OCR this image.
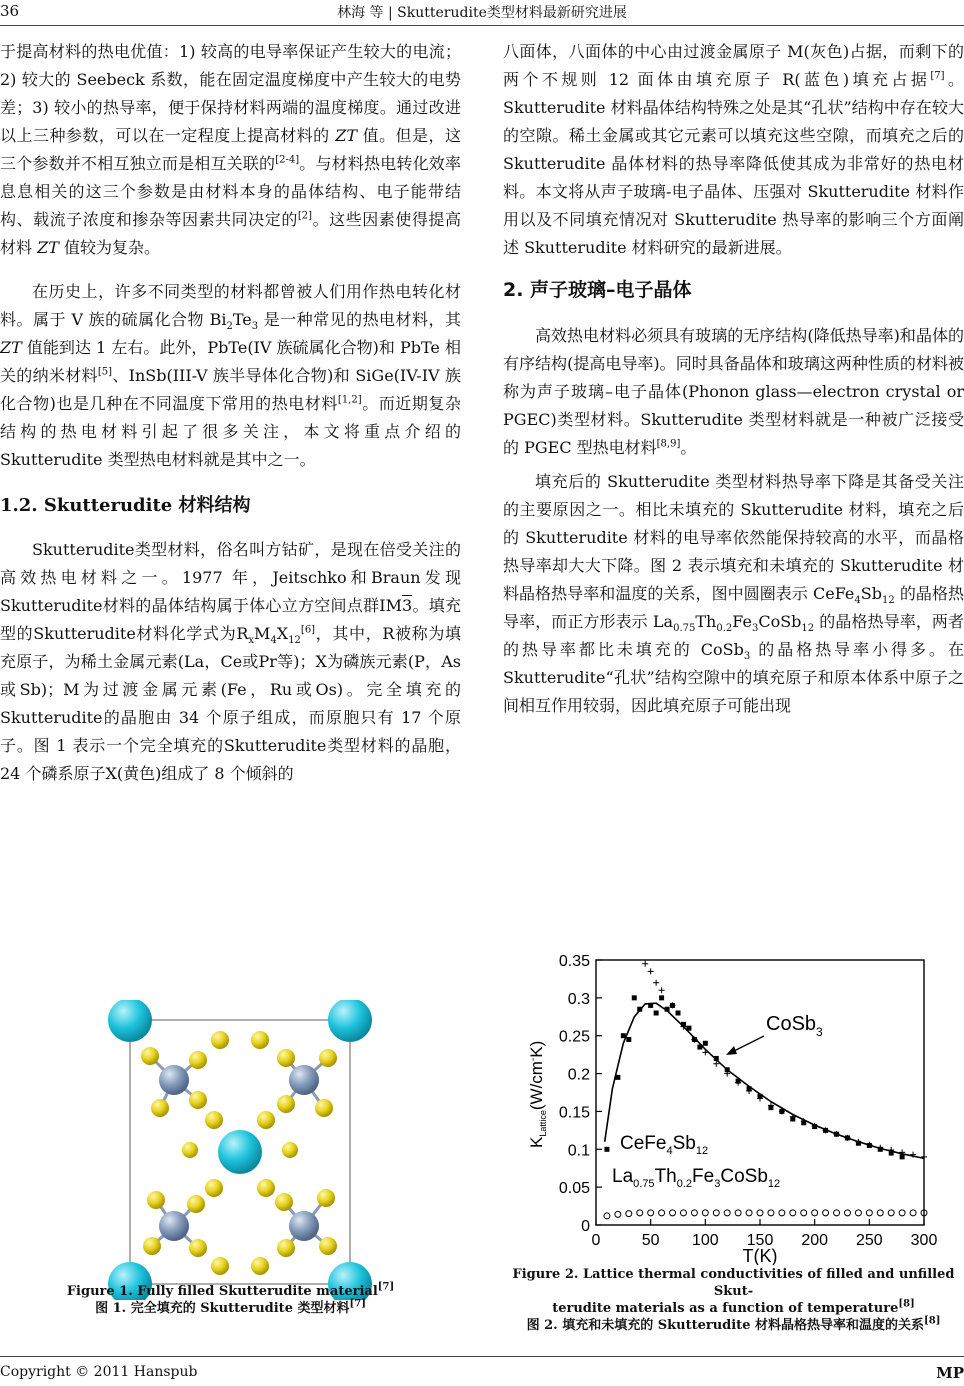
36	林海 等 | Skutterudite类型材料最新研究进展

于提高材料的热电优值：1) 较高的电导率保证产生较大的电流；2) 较大的 Seebeck 系数，能在固定温度梯度中产生较大的电势差；3) 较小的热导率，便于保持材料两端的温度梯度。通过改进以上三种参数，可以在一定程度上提高材料的 ZT 值。但是，这三个参数并不相互独立而是相互关联的[2-4]。与材料热电转化效率息息相关的这三个参数是由材料本身的晶体结构、电子能带结构、载流子浓度和掺杂等因素共同决定的[2]。这些因素使得提高材料 ZT 值较为复杂。

在历史上，许多不同类型的材料都曾被人们用作热电转化材料。属于 V 族的硫属化合物 $Bi_2Te_3$ 是一种常见的热电材料，其 ZT 值能到达 1 左右。此外，PbTe(IV 族硫属化合物)和 PbTe 相关的纳米材料[5]、InSb(III-V 族半导体化合物)和 SiGe(IV-IV 族化合物)也是几种在不同温度下常用的热电材料[1,2]。而近期复杂结构的热电材料引起了很多关注，本文将重点介绍的 Skutterudite 类型热电材料就是其中之一。

1.2. Skutterudite 材料结构

Skutterudite类型材料，俗名叫方钴矿，是现在倍受关注的高效热电材料之一。1977 年，Jeitschko和Braun发现Skutterudite材料的晶体结构属于体心立方空间点群IM3。填充型的Skutterudite材料化学式为$R_xM_4X_{12}[6]$，其中，R被称为填充原子，为稀土金属元素(La，Ce或Pr等)；X为磷族元素(P，As或Sb)；M为过渡金属元素(Fe，Ru或Os)。完全填充的Skutterudite的晶胞由 34 个原子组成，而原胞只有 17 个原子。图 1 表示一个完全填充的Skutterudite类型材料的晶胞，24 个磷系原子X(黄色)组成了 8 个倾斜的

八面体，八面体的中心由过渡金属原子 M(灰色)占据，而剩下的两个不规则 12 面体由填充原子 R(蓝色)填充占据[7]。Skutterudite 材料晶体结构特殊之处是其“孔状”结构中存在较大的空隙。稀土金属或其它元素可以填充这些空隙，而填充之后的 Skutterudite 晶体材料的热导率降低使其成为非常好的热电材料。本文将从声子玻璃-电子晶体、压强对 Skutterudite 材料作用以及不同填充情况对 Skutterudite 热导率的影响三个方面阐述 Skutterudite 材料研究的最新进展。

2. 声子玻璃–电子晶体

高效热电材料必须具有玻璃的无序结构(降低热导率)和晶体的有序结构(提高电导率)。同时具备晶体和玻璃这两种性质的材料被称为声子玻璃–电子晶体(Phonon glass—electron crystal or PGEC)类型材料。Skutterudite 类型材料就是一种被广泛接受的 PGEC 型热电材料[8,9]。

填充后的 Skutterudite 类型材料热导率下降是其备受关注的主要原因之一。相比未填充的 Skutterudite 材料，填充之后的 Skutterudite 材料的电导率依然能保持较高的水平，而晶格热导率却大大下降。图 2 表示填充和未填充的 Skutterudite 材料晶格热导率和温度的关系，图中圆圈表示 $CeFe_4Sb_{12}$ 的晶格热导率，而正方形表示 $La_{0.75}Th_{0.2}Fe_3CoSb_{12}$ 的晶格热导率，两者的热导率都比未填充的 CoSb$_3$ 的晶格热导率小得多。在 Skutterudite“孔状”结构空隙中的填充原子和原本体系中原子之间相互作用较弱，因此填充原子可能出现

Figure 1. Fully filled Skutterudite material[7]
图 1. 完全填充的 Skutterudite 类型材料[7]
0
0.05
0.1
0.15
0.2
0.25
0.3
0.35
0	50 100 150 200 250 300
$K_{Lattice}(W/cm^-K)$
T(K)
CoSb$_3$
$CeFe_4Sb_{12}$
$La_{0.75}Th_{0.2}Fe_3CoSb_{12}$
Figure 2. Lattice thermal conductivities of filled and unfilled Skut-
terudite materials as a function of temperature[8]
图 2. 填充和未填充的 Skutterudite 材料晶格热导率和温度的关系[8]
Copyright © 2011 Hanspub	MP
